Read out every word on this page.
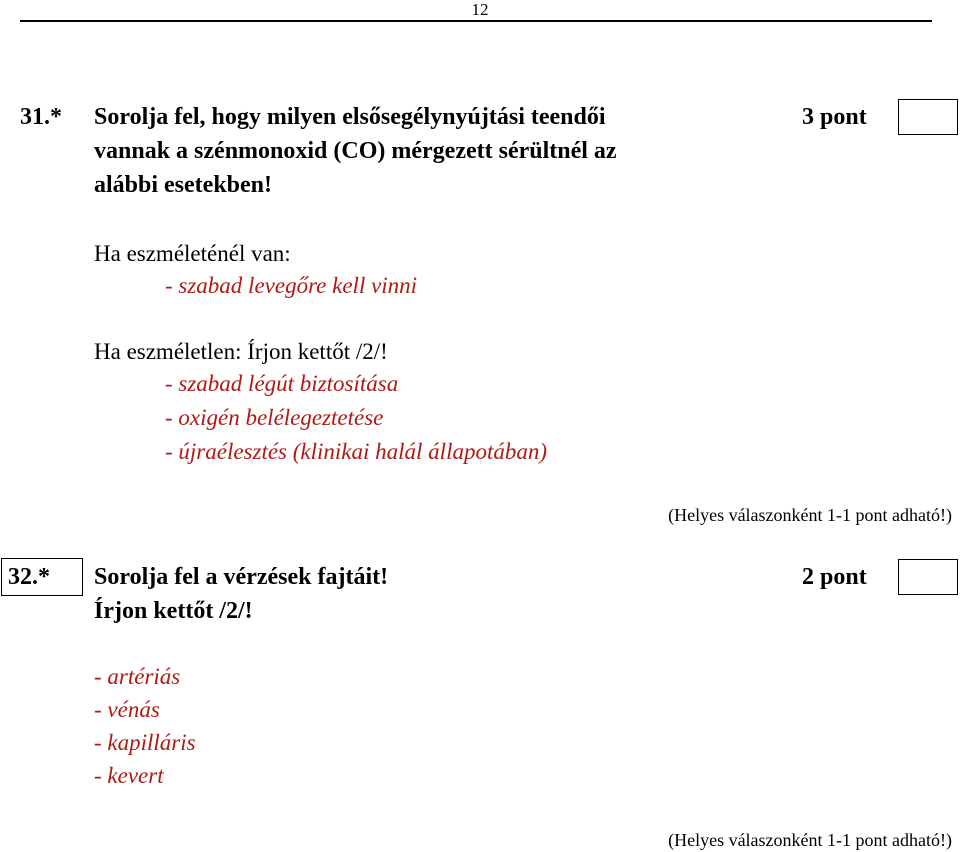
12
31.* Sorolja fel, hogy milyen elsősegélynyújtási teendői
vannak a szénmonoxid (CO) mérgezett sérültnél az
alábbi esetekben!
3 pont
Ha eszméleténél van:
- szabad levegőre kell vinni
Ha eszméletlen: Írjon kettőt /2/!
- szabad légút biztosítása
- oxigén belélegeztetése
- újraélesztés (klinikai halál állapotában)
(Helyes válaszonként 1-1 pont adható!)
32.* Sorolja fel a vérzések fajtáit!
Írjon kettőt /2/!
2 pont
- artériás
- vénás
- kapilláris
- kevert
(Helyes válaszonként 1-1 pont adható!)
